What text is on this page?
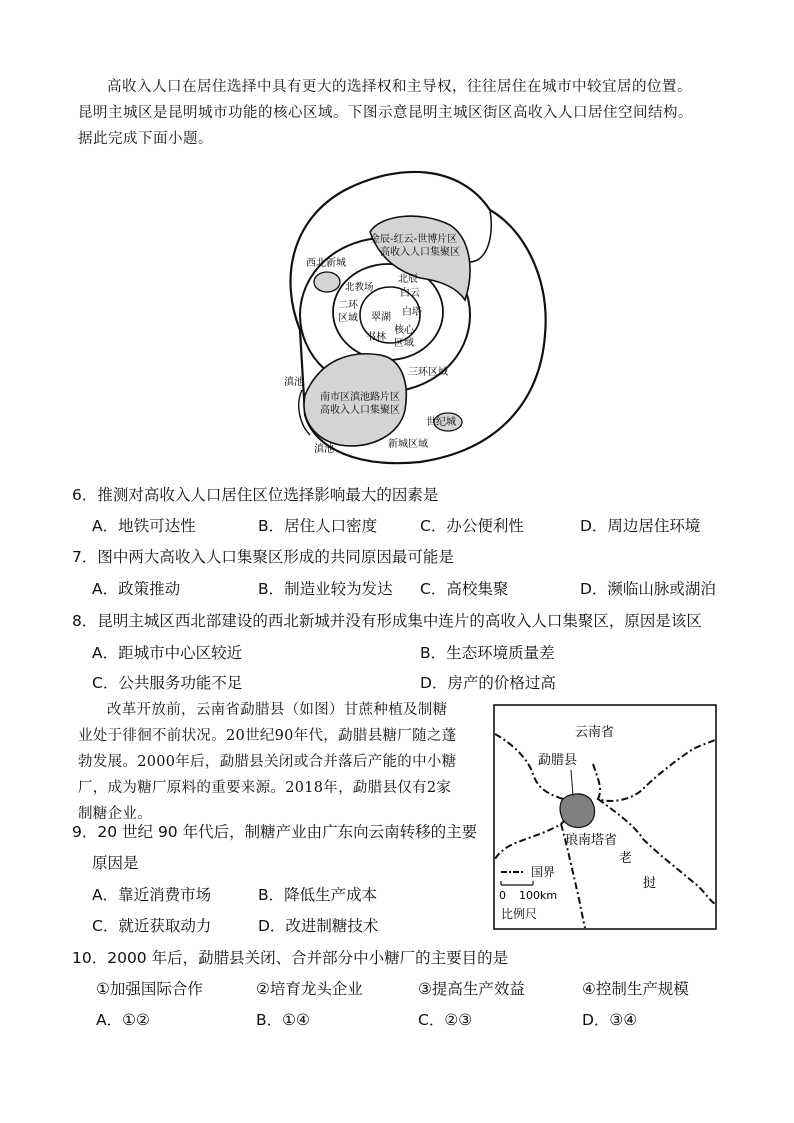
高收入人口在居住选择中具有更大的选择权和主导权，往往居住在城市中较宜居的位置。
昆明主城区是昆明城市功能的核心区域。下图示意昆明主城区街区高收入人口居住空间结构。
据此完成下面小题。
金辰-红云-世博片区
高收入人口集聚区
西北新城
北教场
北辰
白云
二环
区域 翠湖 白塔
书林
核心
区域
三环区域
滇池
南市区滇池路片区
高收入人口集聚区
世纪城
滇池	新城区域
6．推测对高收入人口居住区位选择影响最大的因素是
A．地铁可达性	B．居住人口密度	C．办公便利性	D．周边居住环境
7．图中两大高收入人口集聚区形成的共同原因最可能是
A．政策推动	B．制造业较为发达 C．高校集聚	D．濒临山脉或湖泊
8．昆明主城区西北部建设的西北新城并没有形成集中连片的高收入人口集聚区，原因是该区
A．距城市中心区较近	B．生态环境质量差
C．公共服务功能不足	D．房产的价格过高
改革开放前，云南省勐腊县（如图）甘蔗种植及制糖
业处于徘徊不前状况。20世纪90年代，勐腊县糖厂随之蓬
勃发展。2000年后，勐腊县关闭或合并落后产能的中小糖
厂，成为糖厂原料的重要来源。2018年，勐腊县仅有2家
制糖企业。
9．20 世纪 90 年代后，制糖产业由广东向云南转移的主要
原因是
A．靠近消费市场	B．降低生产成本
C．就近获取动力	D．改进制糖技术
云南省
勐腊县
琅南塔省
老
挝
国界
0 100km
比例尺
10．2000 年后，勐腊县关闭、合并部分中小糖厂的主要目的是
①加强国际合作	②培育龙头企业	③提高生产效益	④控制生产规模
A．①②	B．①④	C．②③	D．③④
